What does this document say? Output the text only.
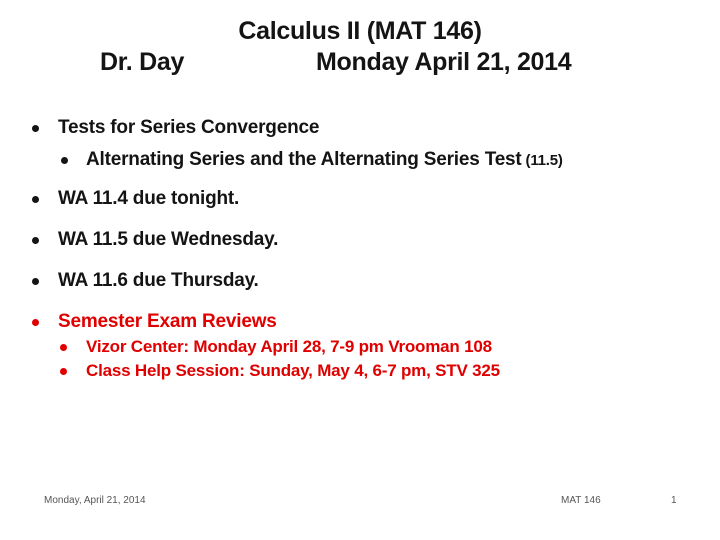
Calculus II (MAT 146)
Dr. Day	Monday April 21, 2014
Tests for Series Convergence
Alternating Series and the Alternating Series Test (11.5)
WA 11.4 due tonight.
WA 11.5 due Wednesday.
WA 11.6 due Thursday.
Semester Exam Reviews
Vizor Center: Monday April 28, 7-9 pm Vrooman 108
Class Help Session: Sunday, May 4, 6-7 pm, STV 325
Monday, April 21, 2014	MAT 146	1
